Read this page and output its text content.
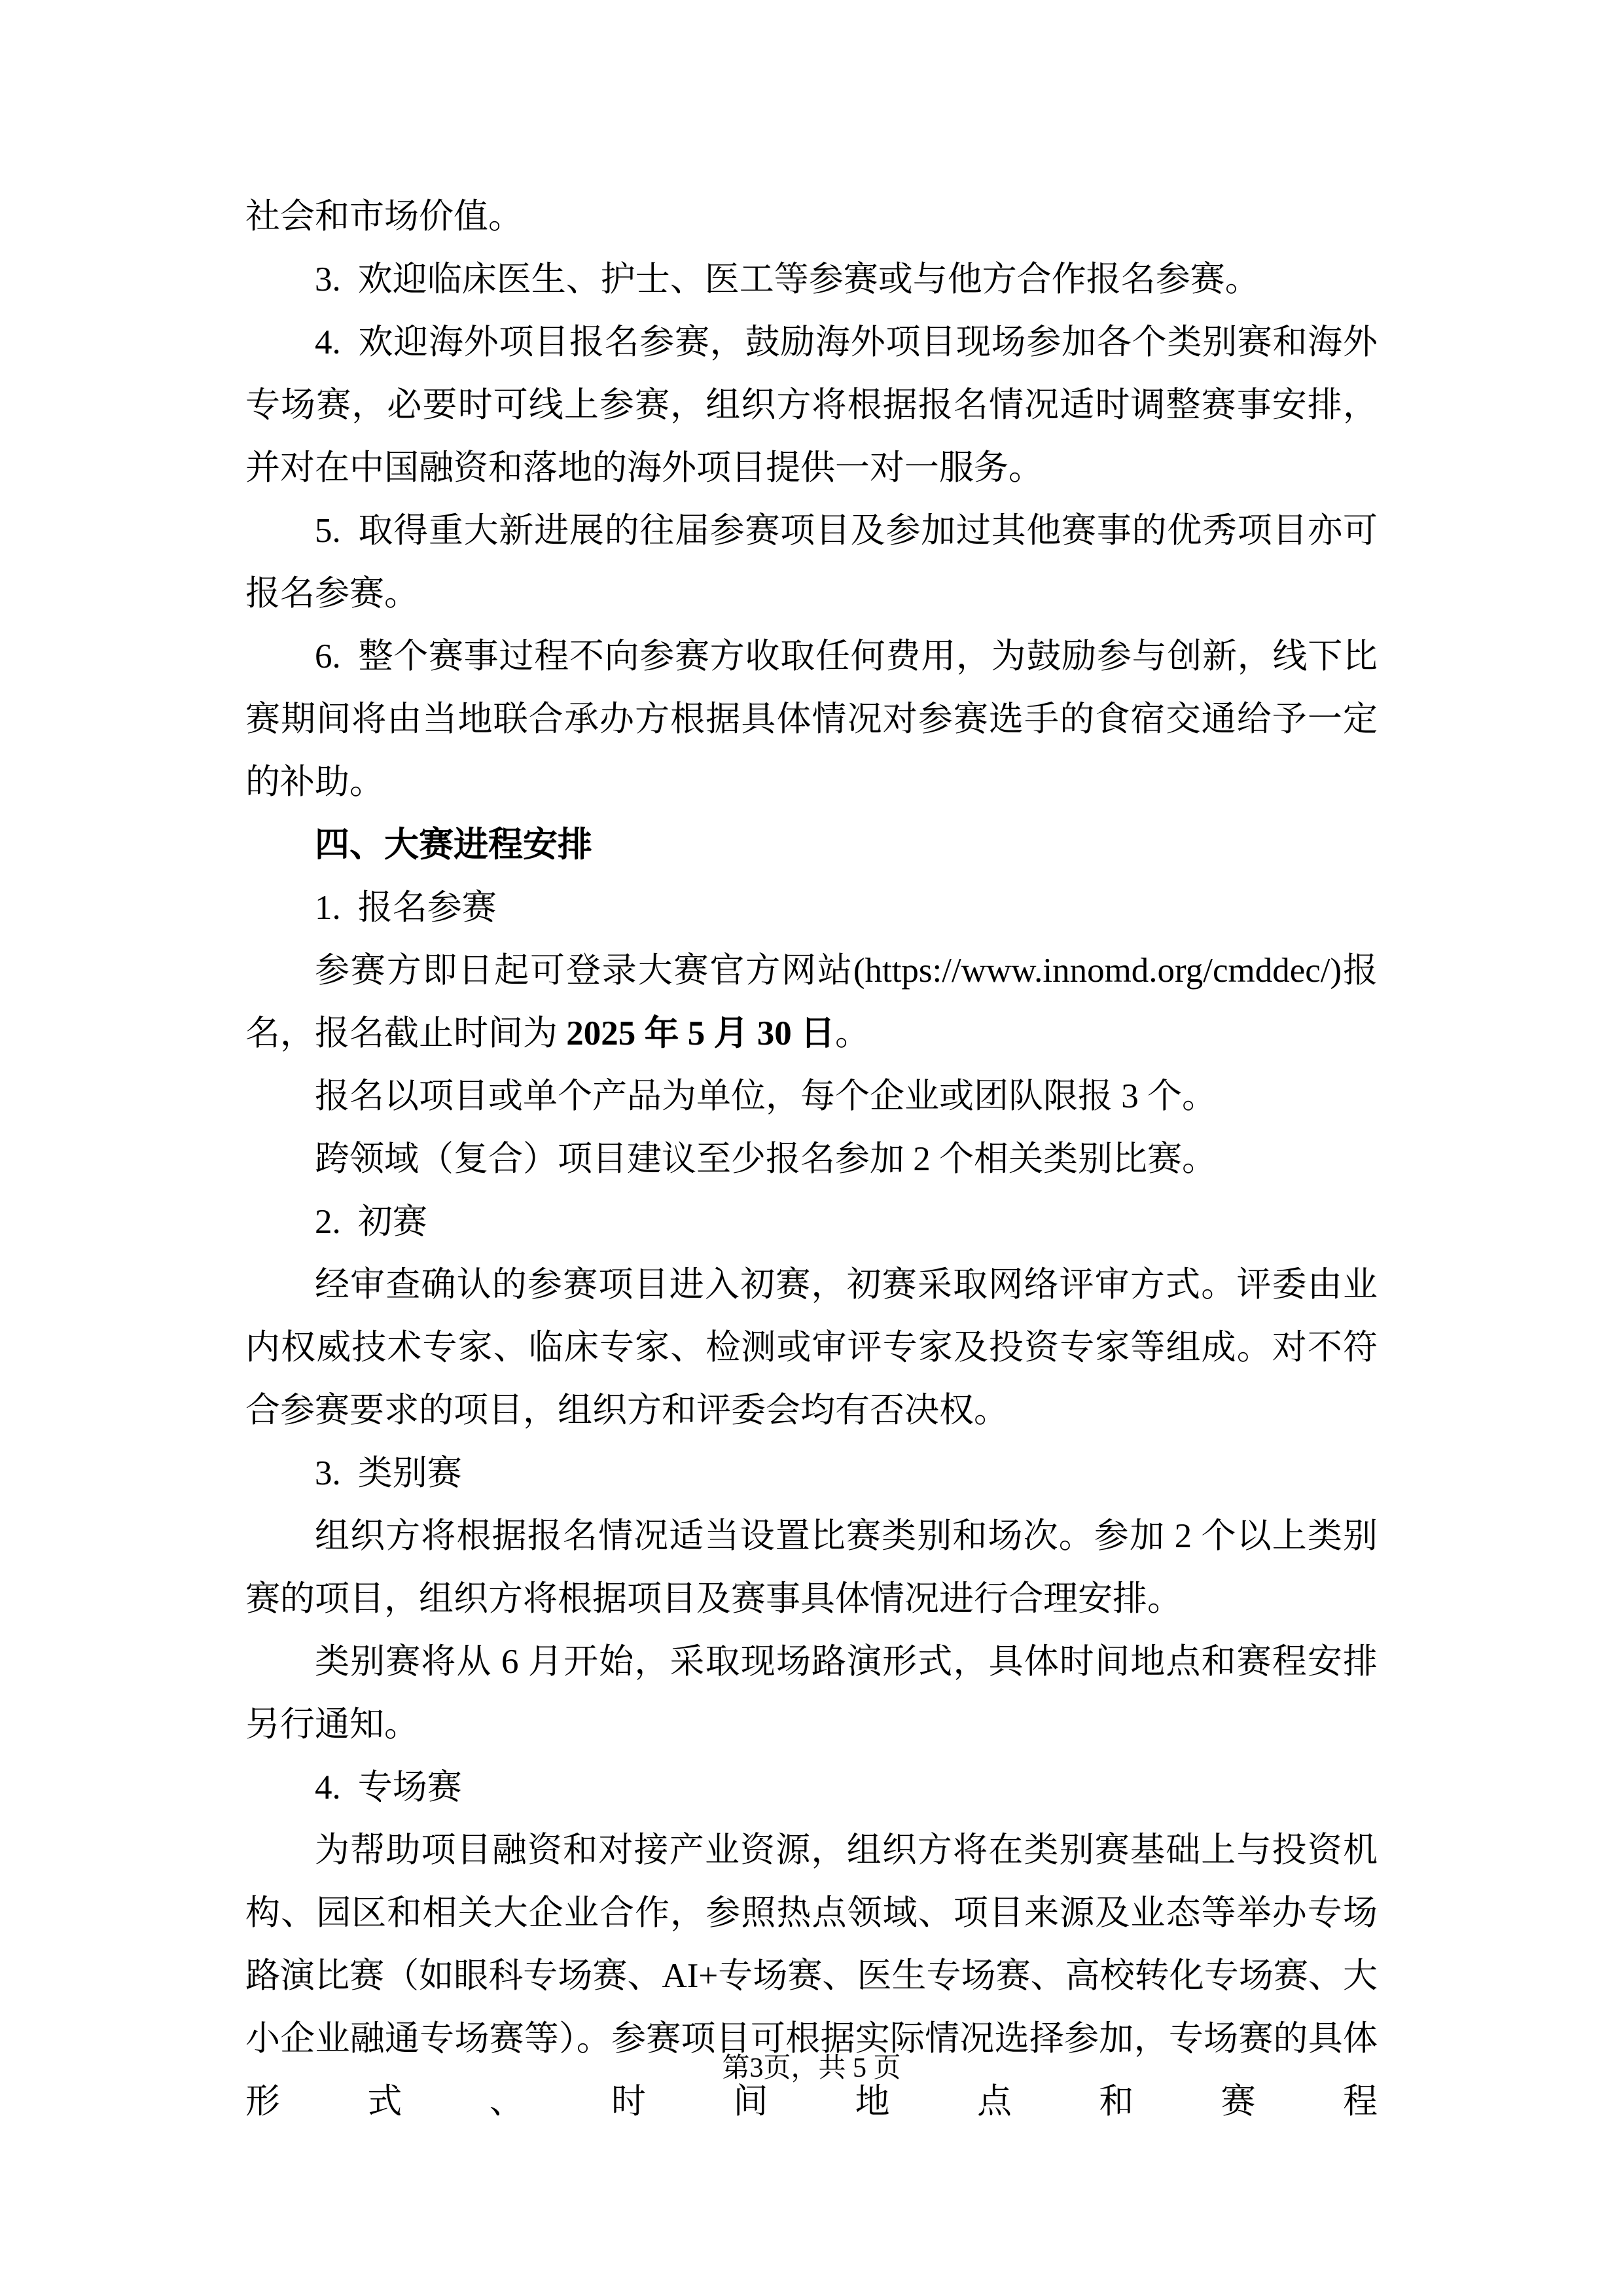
社会和市场价值。

3. 欢迎临床医生、护士、医工等参赛或与他方合作报名参赛。

4. 欢迎海外项目报名参赛，鼓励海外项目现场参加各个类别赛和海外专场赛，必要时可线上参赛，组织方将根据报名情况适时调整赛事安排，并对在中国融资和落地的海外项目提供一对一服务。

5. 取得重大新进展的往届参赛项目及参加过其他赛事的优秀项目亦可报名参赛。

6. 整个赛事过程不向参赛方收取任何费用，为鼓励参与创新，线下比赛期间将由当地联合承办方根据具体情况对参赛选手的食宿交通给予一定的补助。

四、大赛进程安排

1. 报名参赛

参赛方即日起可登录大赛官方网站(https://www.innomd.org/cmddec/)报名，报名截止时间为 2025 年 5 月 30 日。

报名以项目或单个产品为单位，每个企业或团队限报 3 个。

跨领域（复合）项目建议至少报名参加 2 个相关类别比赛。

2. 初赛

经审查确认的参赛项目进入初赛，初赛采取网络评审方式。评委由业内权威技术专家、临床专家、检测或审评专家及投资专家等组成。对不符合参赛要求的项目，组织方和评委会均有否决权。

3. 类别赛

组织方将根据报名情况适当设置比赛类别和场次。参加 2 个以上类别赛的项目，组织方将根据项目及赛事具体情况进行合理安排。

类别赛将从 6 月开始，采取现场路演形式，具体时间地点和赛程安排另行通知。

4. 专场赛

为帮助项目融资和对接产业资源，组织方将在类别赛基础上与投资机构、园区和相关大企业合作，参照热点领域、项目来源及业态等举办专场路演比赛（如眼科专场赛、AI+专场赛、医生专场赛、高校转化专场赛、大小企业融通专场赛等）。参赛项目可根据实际情况选择参加，专场赛的具体形式、时间地点和赛程

第3页，共 5 页
